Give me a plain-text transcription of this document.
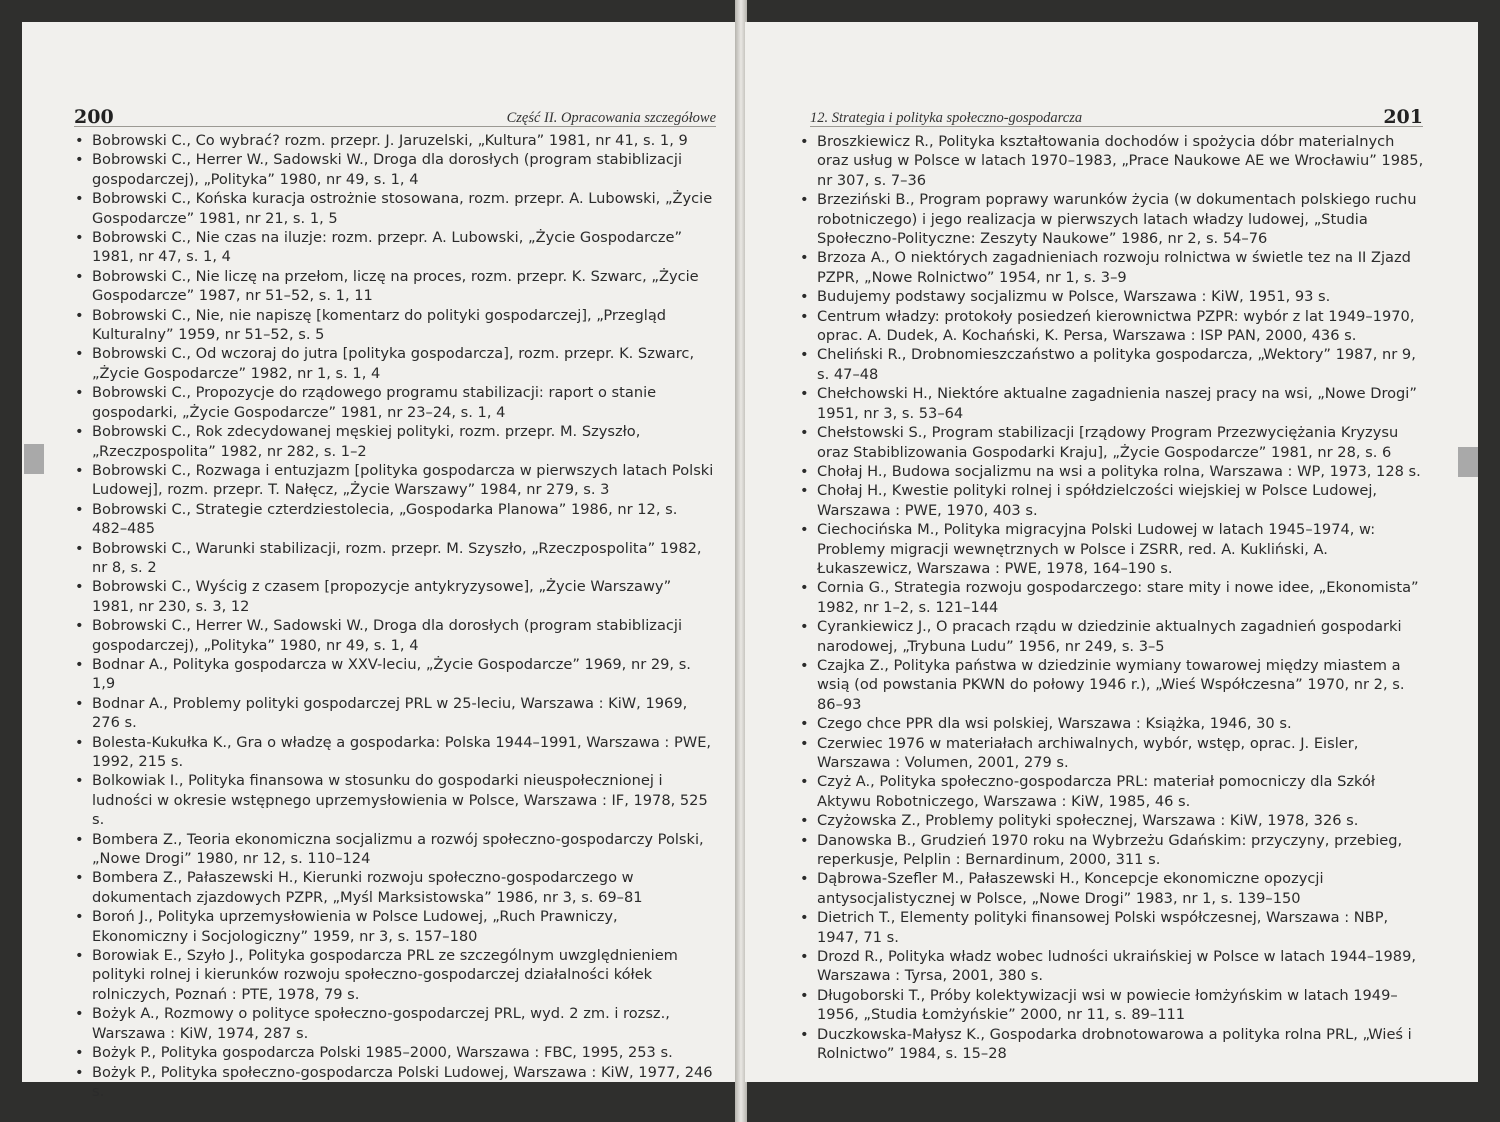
200	Część II. Opracowania szczegółowe
• Bobrowski C., Co wybrać? rozm. przepr. J. Jaruzelski, „Kultura” 1981, nr 41, s. 1, 9
• Bobrowski C., Herrer W., Sadowski W., Droga dla dorosłych (program stabiblizacji gospodarczej), „Polityka” 1980, nr 49, s. 1, 4
• Bobrowski C., Końska kuracja ostrożnie stosowana, rozm. przepr. A. Lubowski, „Życie Gospodarcze” 1981, nr 21, s. 1, 5
• Bobrowski C., Nie czas na iluzje: rozm. przepr. A. Lubowski, „Życie Gospodarcze” 1981, nr 47, s. 1, 4
• Bobrowski C., Nie liczę na przełom, liczę na proces, rozm. przepr. K. Szwarc, „Życie Gospodarcze” 1987, nr 51–52, s. 1, 11
• Bobrowski C., Nie, nie napiszę [komentarz do polityki gospodarczej], „Przegląd Kulturalny” 1959, nr 51–52, s. 5
• Bobrowski C., Od wczoraj do jutra [polityka gospodarcza], rozm. przepr. K. Szwarc, „Życie Gospodarcze” 1982, nr 1, s. 1, 4
• Bobrowski C., Propozycje do rządowego programu stabilizacji: raport o stanie gospodarki, „Życie Gospodarcze” 1981, nr 23–24, s. 1, 4
• Bobrowski C., Rok zdecydowanej męskiej polityki, rozm. przepr. M. Szyszło, „Rzeczpospolita” 1982, nr 282, s. 1–2
• Bobrowski C., Rozwaga i entuzjazm [polityka gospodarcza w pierwszych latach Polski Ludowej], rozm. przepr. T. Nałęcz, „Życie Warszawy” 1984, nr 279, s. 3
• Bobrowski C., Strategie czterdziestolecia, „Gospodarka Planowa” 1986, nr 12, s. 482–485
• Bobrowski C., Warunki stabilizacji, rozm. przepr. M. Szyszło, „Rzeczpospolita” 1982, nr 8, s. 2
• Bobrowski C., Wyścig z czasem [propozycje antykryzysowe], „Życie Warszawy” 1981, nr 230, s. 3, 12
• Bobrowski C., Herrer W., Sadowski W., Droga dla dorosłych (program stabiblizacji gospodarczej), „Polityka” 1980, nr 49, s. 1, 4
• Bodnar A., Polityka gospodarcza w XXV-leciu, „Życie Gospodarcze” 1969, nr 29, s. 1,9
• Bodnar A., Problemy polityki gospodarczej PRL w 25-leciu, Warszawa : KiW, 1969, 276 s.
• Bolesta-Kukułka K., Gra o władzę a gospodarka: Polska 1944–1991, Warszawa : PWE, 1992, 215 s.
• Bolkowiak I., Polityka finansowa w stosunku do gospodarki nieuspołecznionej i ludności w okresie wstępnego uprzemysłowienia w Polsce, Warszawa : IF, 1978, 525 s.
• Bombera Z., Teoria ekonomiczna socjalizmu a rozwój społeczno-gospodarczy Polski, „Nowe Drogi” 1980, nr 12, s. 110–124
• Bombera Z., Pałaszewski H., Kierunki rozwoju społeczno-gospodarczego w dokumentach zjazdowych PZPR, „Myśl Marksistowska” 1986, nr 3, s. 69–81
• Boroń J., Polityka uprzemysłowienia w Polsce Ludowej, „Ruch Prawniczy, Ekonomiczny i Socjologiczny” 1959, nr 3, s. 157–180
• Borowiak E., Szyło J., Polityka gospodarcza PRL ze szczególnym uwzględnieniem polityki rolnej i kierunków rozwoju społeczno-gospodarczej działalności kółek rolniczych, Poznań : PTE, 1978, 79 s.
• Bożyk A., Rozmowy o polityce społeczno-gospodarczej PRL, wyd. 2 zm. i rozsz., Warszawa : KiW, 1974, 287 s.
• Bożyk P., Polityka gospodarcza Polski 1985–2000, Warszawa : FBC, 1995, 253 s.
• Bożyk P., Polityka społeczno-gospodarcza Polski Ludowej, Warszawa : KiW, 1977, 246 s.
12. Strategia i polityka społeczno-gospodarcza	201
• Broszkiewicz R., Polityka kształtowania dochodów i spożycia dóbr materialnych oraz usług w Polsce w latach 1970–1983, „Prace Naukowe AE we Wrocławiu” 1985, nr 307, s. 7–36
• Brzeziński B., Program poprawy warunków życia (w dokumentach polskiego ruchu robotniczego) i jego realizacja w pierwszych latach władzy ludowej, „Studia Społeczno-Polityczne: Zeszyty Naukowe” 1986, nr 2, s. 54–76
• Brzoza A., O niektórych zagadnieniach rozwoju rolnictwa w świetle tez na II Zjazd PZPR, „Nowe Rolnictwo” 1954, nr 1, s. 3–9
• Budujemy podstawy socjalizmu w Polsce, Warszawa : KiW, 1951, 93 s.
• Centrum władzy: protokoły posiedzeń kierownictwa PZPR: wybór z lat 1949–1970, oprac. A. Dudek, A. Kochański, K. Persa, Warszawa : ISP PAN, 2000, 436 s.
• Cheliński R., Drobnomieszczaństwo a polityka gospodarcza, „Wektory” 1987, nr 9, s. 47–48
• Chełchowski H., Niektóre aktualne zagadnienia naszej pracy na wsi, „Nowe Drogi” 1951, nr 3, s. 53–64
• Chełstowski S., Program stabilizacji [rządowy Program Przezwyciężania Kryzysu oraz Stabiblizowania Gospodarki Kraju], „Życie Gospodarcze” 1981, nr 28, s. 6
• Chołaj H., Budowa socjalizmu na wsi a polityka rolna, Warszawa : WP, 1973, 128 s.
• Chołaj H., Kwestie polityki rolnej i spółdzielczości wiejskiej w Polsce Ludowej, Warszawa : PWE, 1970, 403 s.
• Ciechocińska M., Polityka migracyjna Polski Ludowej w latach 1945–1974, w: Problemy migracji wewnętrznych w Polsce i ZSRR, red. A. Kukliński, A. Łukaszewicz, Warszawa : PWE, 1978, 164–190 s.
• Cornia G., Strategia rozwoju gospodarczego: stare mity i nowe idee, „Ekonomista” 1982, nr 1–2, s. 121–144
• Cyrankiewicz J., O pracach rządu w dziedzinie aktualnych zagadnień gospodarki narodowej, „Trybuna Ludu” 1956, nr 249, s. 3–5
• Czajka Z., Polityka państwa w dziedzinie wymiany towarowej między miastem a wsią (od powstania PKWN do połowy 1946 r.), „Wieś Współczesna” 1970, nr 2, s. 86–93
• Czego chce PPR dla wsi polskiej, Warszawa : Książka, 1946, 30 s.
• Czerwiec 1976 w materiałach archiwalnych, wybór, wstęp, oprac. J. Eisler, Warszawa : Volumen, 2001, 279 s.
• Czyż A., Polityka społeczno-gospodarcza PRL: materiał pomocniczy dla Szkół Aktywu Robotniczego, Warszawa : KiW, 1985, 46 s.
• Czyżowska Z., Problemy polityki społecznej, Warszawa : KiW, 1978, 326 s.
• Danowska B., Grudzień 1970 roku na Wybrzeżu Gdańskim: przyczyny, przebieg, reperkusje, Pelplin : Bernardinum, 2000, 311 s.
• Dąbrowa-Szefler M., Pałaszewski H., Koncepcje ekonomiczne opozycji antysocjalistycznej w Polsce, „Nowe Drogi” 1983, nr 1, s. 139–150
• Dietrich T., Elementy polityki finansowej Polski współczesnej, Warszawa : NBP, 1947, 71 s.
• Drozd R., Polityka władz wobec ludności ukraińskiej w Polsce w latach 1944–1989, Warszawa : Tyrsa, 2001, 380 s.
• Długoborski T., Próby kolektywizacji wsi w powiecie łomżyńskim w latach 1949–1956, „Studia Łomżyńskie” 2000, nr 11, s. 89–111
• Duczkowska-Małysz K., Gospodarka drobnotowarowa a polityka rolna PRL, „Wieś i Rolnictwo” 1984, s. 15–28
